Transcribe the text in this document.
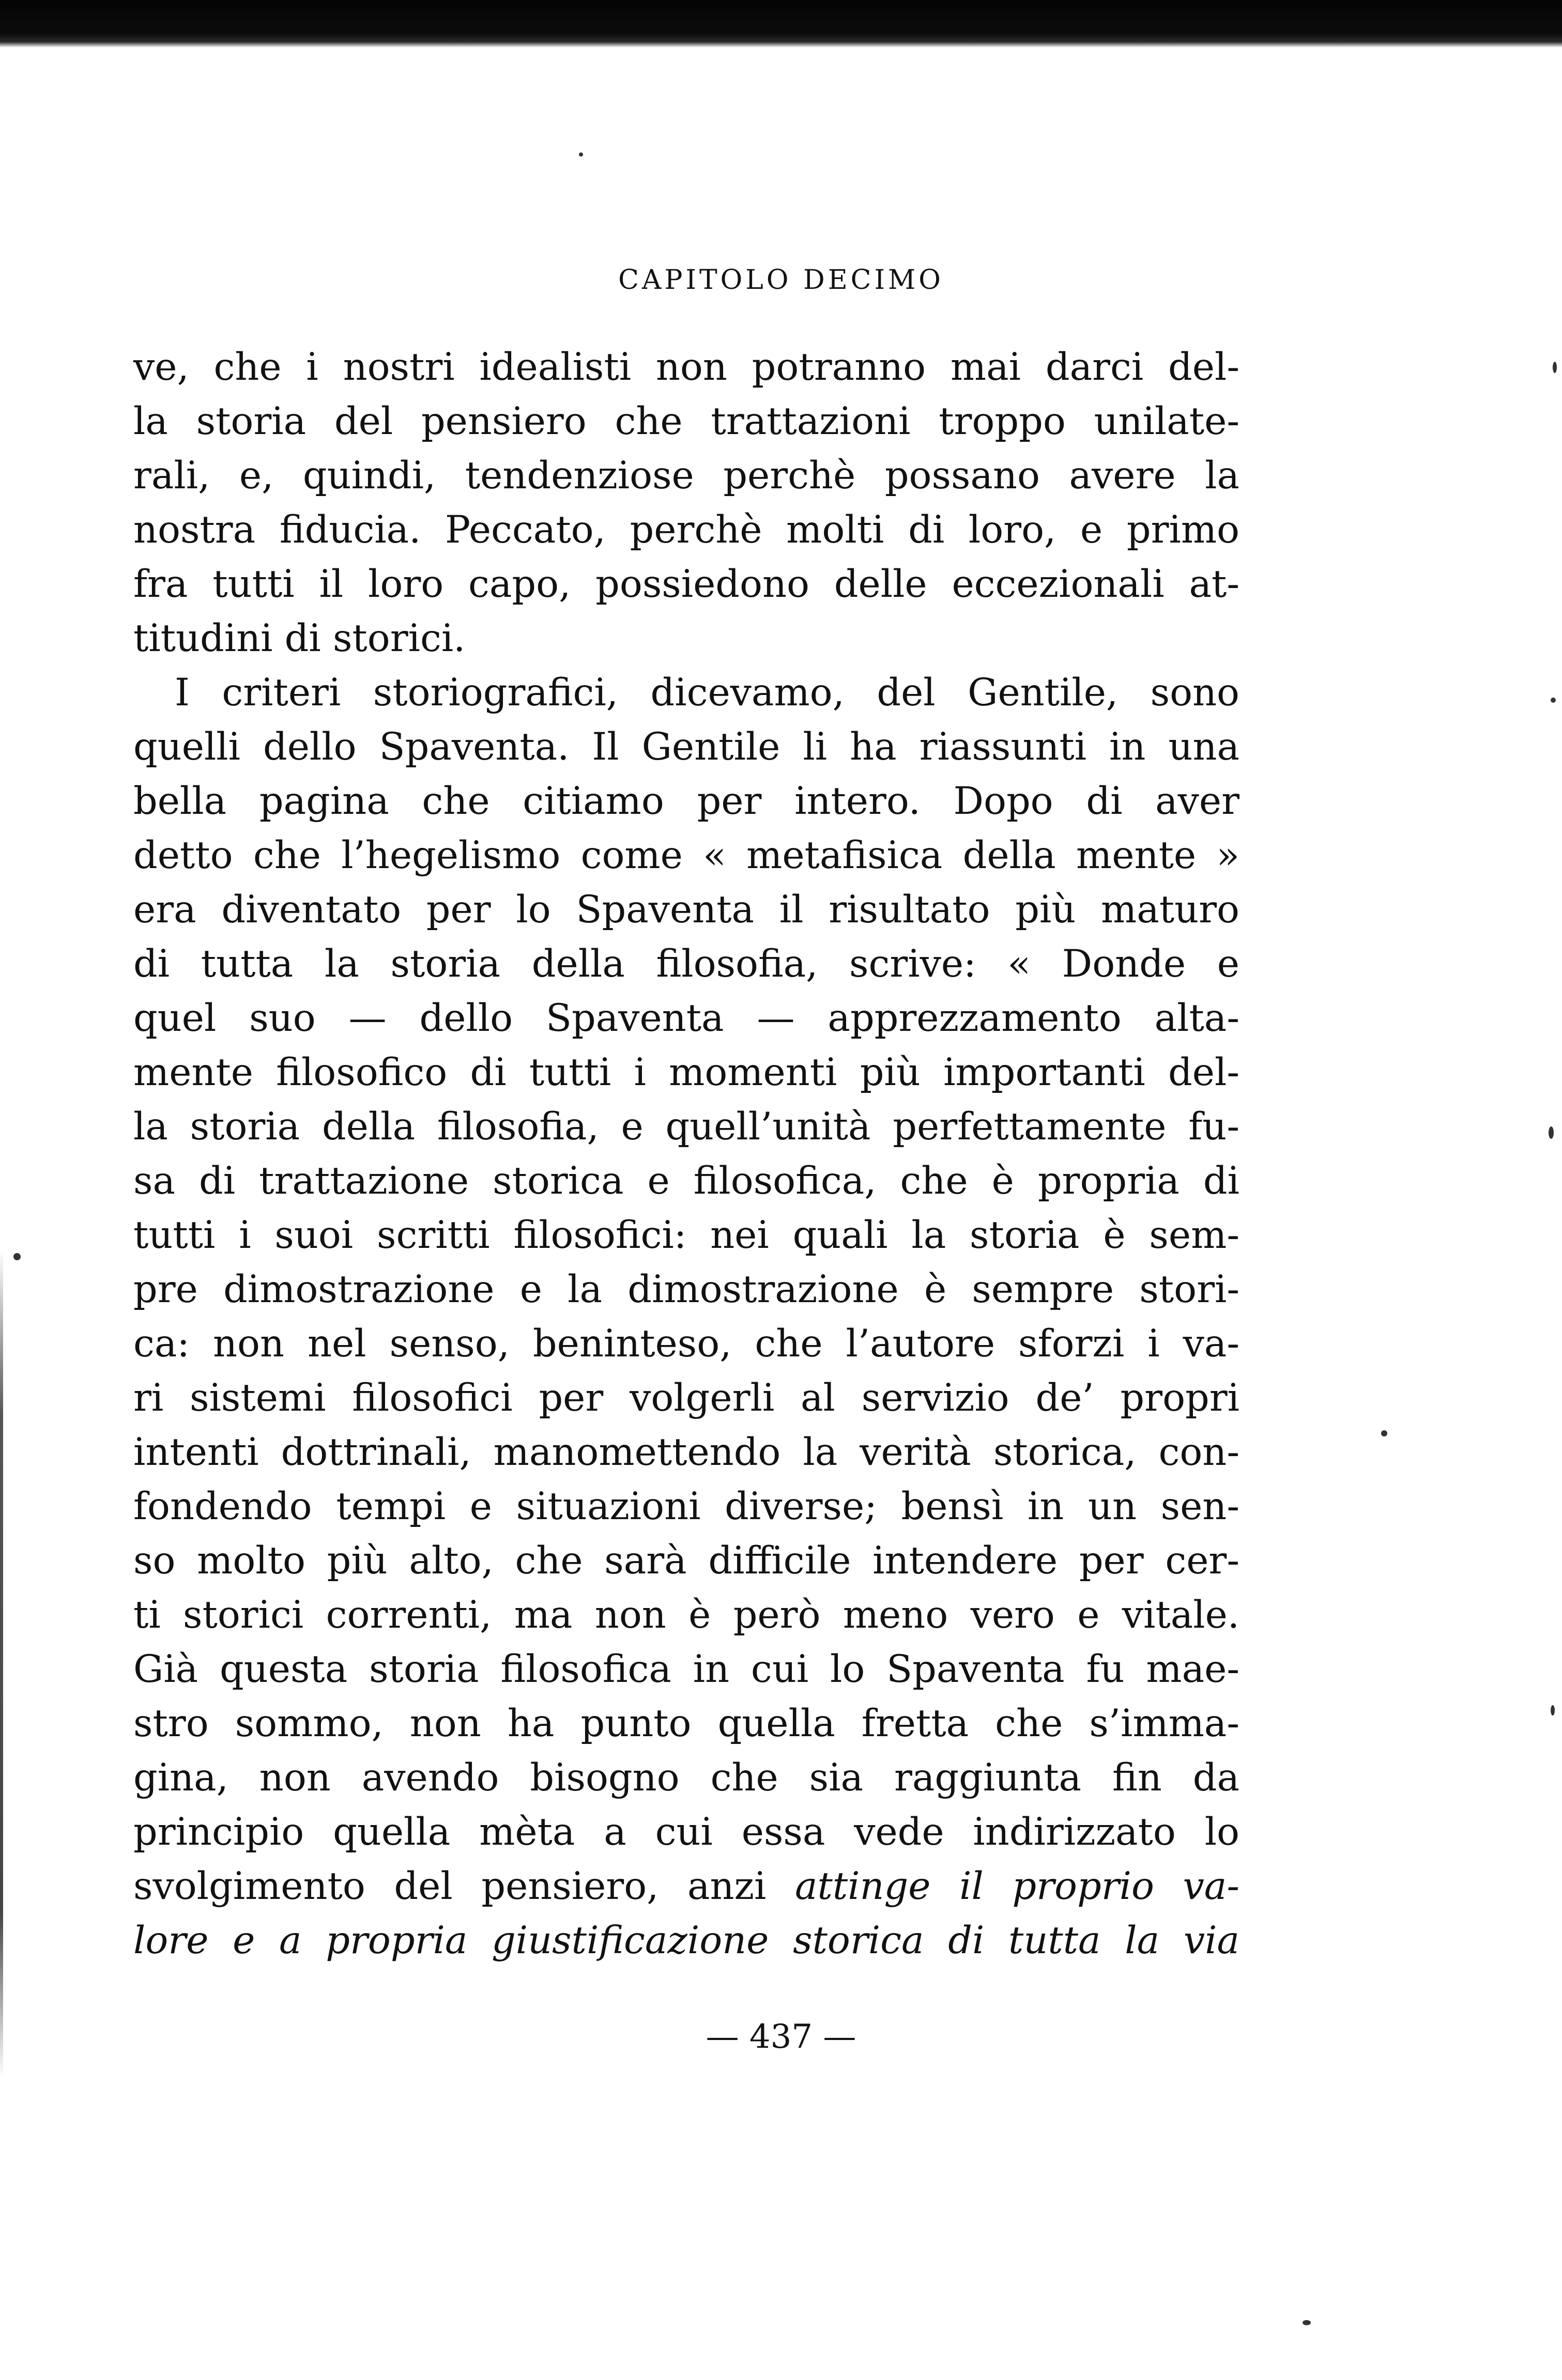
CAPITOLO DECIMO
ve, che i nostri idealisti non potranno mai darci del-
la storia del pensiero che trattazioni troppo unilate-
rali, e, quindi, tendenziose perchè possano avere la
nostra fiducia. Peccato, perchè molti di loro, e primo
fra tutti il loro capo, possiedono delle eccezionali at-
titudini di storici.
I criteri storiografici, dicevamo, del Gentile, sono
quelli dello Spaventa. Il Gentile li ha riassunti in una
bella pagina che citiamo per intero. Dopo di aver
detto che l’hegelismo come « metafisica della mente »
era diventato per lo Spaventa il risultato più maturo
di tutta la storia della filosofia, scrive: « Donde e
quel suo — dello Spaventa — apprezzamento alta-
mente filosofico di tutti i momenti più importanti del-
la storia della filosofia, e quell’unità perfettamente fu-
sa di trattazione storica e filosofica, che è propria di
tutti i suoi scritti filosofici: nei quali la storia è sem-
pre dimostrazione e la dimostrazione è sempre stori-
ca: non nel senso, beninteso, che l’autore sforzi i va-
ri sistemi filosofici per volgerli al servizio de’ propri
intenti dottrinali, manomettendo la verità storica, con-
fondendo tempi e situazioni diverse; bensì in un sen-
so molto più alto, che sarà difficile intendere per cer-
ti storici correnti, ma non è però meno vero e vitale.
Già questa storia filosofica in cui lo Spaventa fu mae-
stro sommo, non ha punto quella fretta che s’imma-
gina, non avendo bisogno che sia raggiunta fin da
principio quella mèta a cui essa vede indirizzato lo
svolgimento del pensiero, anzi attinge il proprio va-
lore e a propria giustificazione storica di tutta la via
— 437 —
